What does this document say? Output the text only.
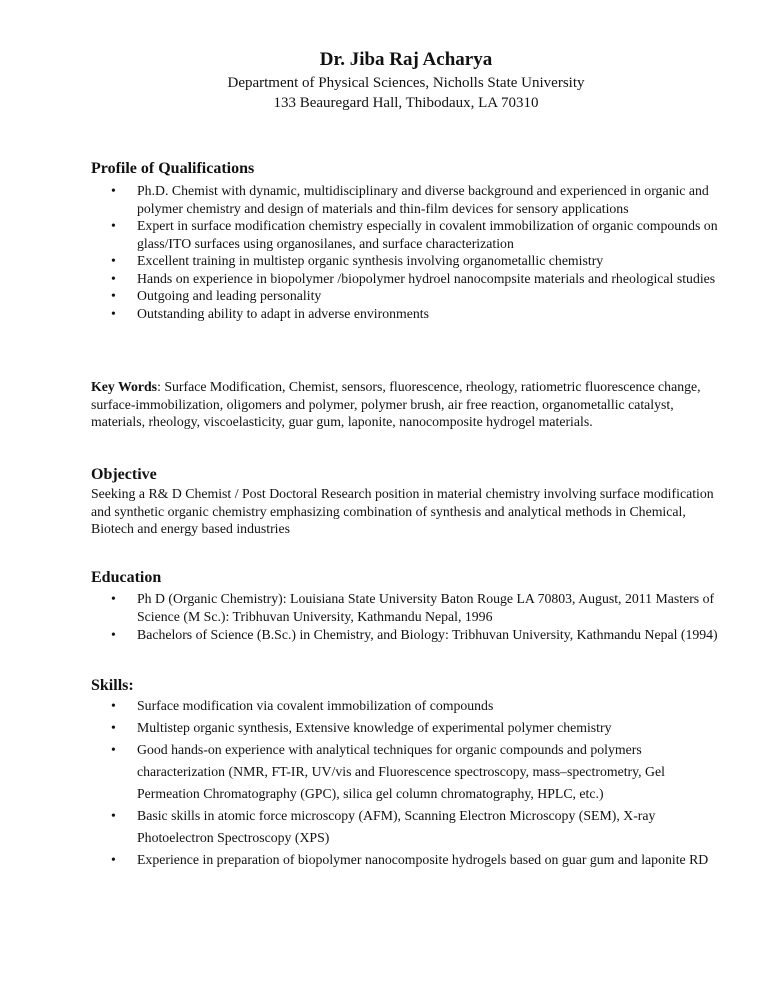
Dr. Jiba Raj Acharya
Department of Physical Sciences, Nicholls State University
133 Beauregard Hall, Thibodaux, LA 70310
Profile of Qualifications
• Ph.D. Chemist with dynamic, multidisciplinary and diverse background and experienced in organic and polymer chemistry and design of materials and thin-film devices for sensory applications
• Expert in surface modification chemistry especially in covalent immobilization of organic compounds on glass/ITO surfaces using organosilanes, and surface characterization
• Excellent training in multistep organic synthesis involving organometallic chemistry
• Hands on experience in biopolymer /biopolymer hydroel nanocompsite materials and rheological studies
• Outgoing and leading personality
• Outstanding ability to adapt in adverse environments

Key Words: Surface Modification, Chemist, sensors, fluorescence, rheology, ratiometric fluorescence change, surface-immobilization, oligomers and polymer, polymer brush, air free reaction, organometallic catalyst, materials, rheology, viscoelasticity, guar gum, laponite, nanocomposite hydrogel materials.

Objective

Seeking a R& D Chemist / Post Doctoral Research position in material chemistry involving surface modification and synthetic organic chemistry emphasizing combination of synthesis and analytical methods in Chemical, Biotech and energy based industries

Education
• Ph D (Organic Chemistry): Louisiana State University Baton Rouge LA 70803, August, 2011 Masters of Science (M Sc.): Tribhuvan University, Kathmandu Nepal, 1996
• Bachelors of Science (B.Sc.) in Chemistry, and Biology: Tribhuvan University, Kathmandu Nepal (1994)
Skills:
• Surface modification via covalent immobilization of compounds
• Multistep organic synthesis, Extensive knowledge of experimental polymer chemistry
• Good hands-on experience with analytical techniques for organic compounds and polymers characterization (NMR, FT-IR, UV/vis and Fluorescence spectroscopy, mass–spectrometry, Gel Permeation Chromatography (GPC), silica gel column chromatography, HPLC, etc.)
• Basic skills in atomic force microscopy (AFM), Scanning Electron Microscopy (SEM), X-ray Photoelectron Spectroscopy (XPS)
• Experience in preparation of biopolymer nanocomposite hydrogels based on guar gum and laponite RD
